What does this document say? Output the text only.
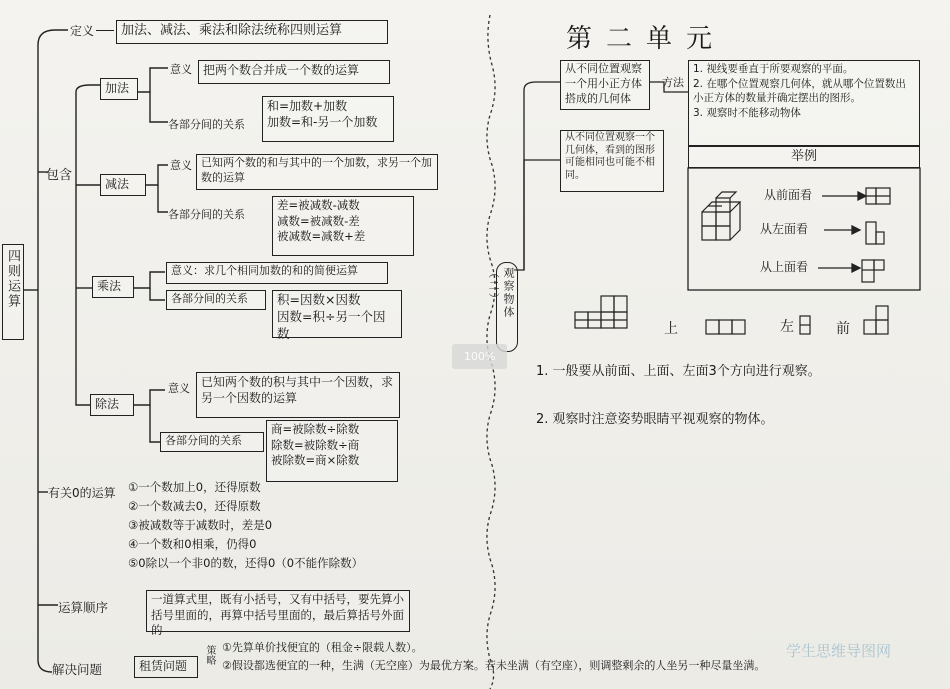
四则运算
定义	加法、减法、乘法和除法统称四则运算
包含
加法
意义 把两个数合并成一个数的运算
各部分间的关系
和=加数+加数
加数=和-另一个加数
减法
意义 已知两个数的和与其中的一个加数，求另一个加数的运算
各部分间的关系
差=被减数-减数
减数=被减数-差
被减数=减数+差
乘法
意义：求几个相同加数的和的简便运算
各部分间的关系	积=因数×因数
因数=积÷另一个因数
除法
意义 已知两个数的积与其中一个因数，求另一个因数的运算
各部分间的关系
商=被除数÷除数
除数=被除数÷商
被除数=商×除数
有关0的运算 ①一个数加上0，还得原数
②一个数减去0，还得原数
③被减数等于减数时，差是0
④一个数和0相乘，仍得0
⑤0除以一个非0的数，还得0（0不能作除数）
运算顺序
一道算式里，既有小括号，又有中括号，要先算小括号里面的，再算中括号里面的，最后算括号外面的
解决问题	租赁问题
策略 ①先算单价找便宜的（租金÷限载人数）。
②假设都选便宜的一种，生满（无空座）为最优方案。若未坐满（有空座），则调整剩余的人坐另一种尽量坐满。
第二单元
观察物体（二）
从不同位置观察一个用小正方体搭成的几何体
从不同位置观察一个几何体，看到的图形可能相同也可能不相同。
方法
1. 视线要垂直于所要观察的平面。
2. 在哪个位置观察几何体，就从哪个位置数出小正方体的数量并确定摆出的图形。
3. 观察时不能移动物体
举例
从前面看
从左面看
从上面看
上	左	前
1. 一般要从前面、上面、左面3个方向进行观察。
2. 观察时注意姿势眼睛平视观察的物体。
100%
学生思维导图网
